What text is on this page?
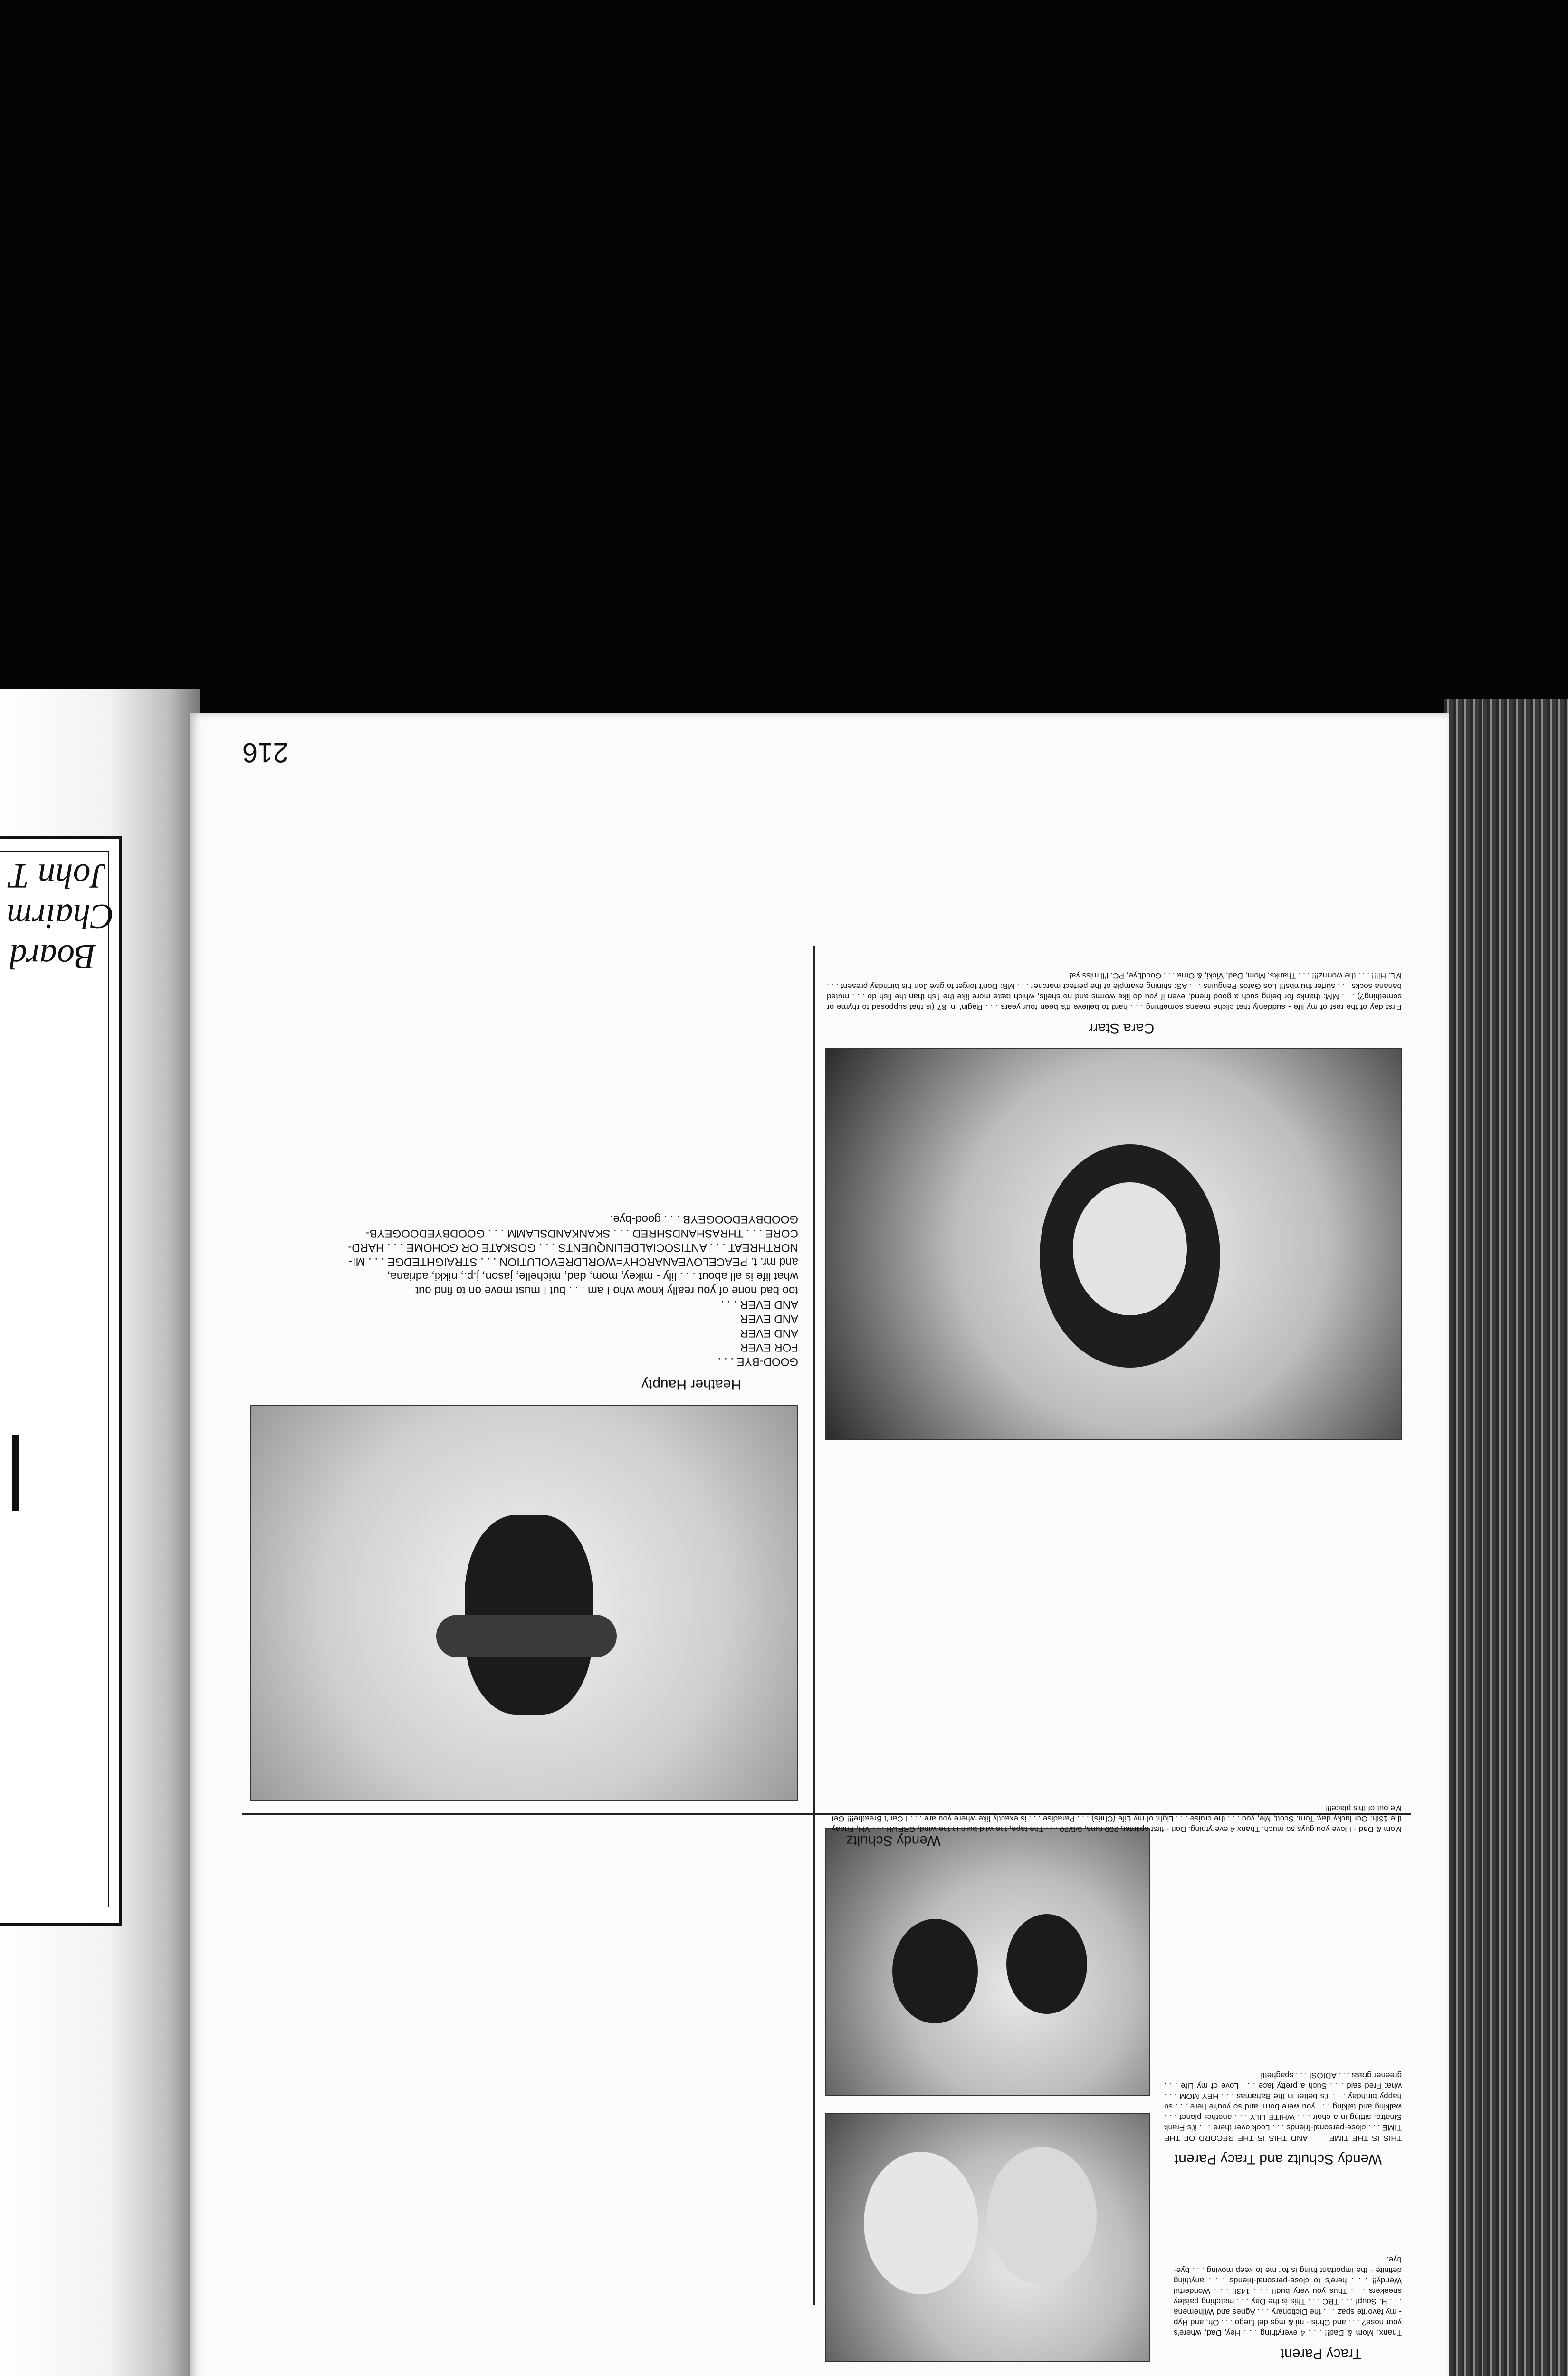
John T
Chairm
Board
Tracy Parent
Thanx, Mom & Dad!! . . . 4 everything . . . Hey, Dad, where's your nose? . . . and Chris - mi & mgs del fuego . . . Oh, and Hyp - my favorite spaz . . . the Dictionary . . . Agnes and Wilhemena . . . H. Soup! . . . TBC . . . This is the Day . . . matching paisley sneakers . . . Thus you very bud!! . . . 143!! . . . Wonderful Wendy!! . . . here's to close-personal-friends . . . anything definite - the important thing is for me to keep moving . . . bye-bye.
Wendy Schultz and Tracy Parent
THIS IS THE TIME . . . AND THIS IS THE RECORD OF THE TIME . . . close-personal-friends . . . Look over there . . . it's Frank Sinatra, sitting in a chair . . . WHITE LILY . . . another planet . . . walking and talking . . . you were born, and so you're here . . . so happy birthday . . . it's better in the Bahamas . . . HEY MOM . . . what Fred said . . . Such a pretty face . . . Love of my Life . . . greener grass . . . ADIOS! . . . spaghetti
Mom & Dad - I love you guys so much. Thanx 4 everything. Dori - first splinter, 200 runs, 5/5/20 . . . The tape, the wild burn in the wind, CRRUH . . . VH, Friday the 13th. Our lucky day. Tom: Scott, Me; you . . . the cruise . . . Light of my Life (Chris) . . . Paradise . . . is exactly like where you are . . . I Can't Breathe!!! Get Me out of this place!!!
Wendy Schultz
Heather Haupty
GOOD-BYE . . .
FOR EVER
AND EVER
AND EVER
AND EVER . . .
too bad none of you really know who I am . . . but I must move on to find out
what life is all about . . . lily - mikey, mom, dad, michelle, jason, j.p., nikki, adriana,
and mr. t. PEACELOVEANARCHY=WORLDREVOLUTION . . . STRAIGHTEDGE . . . MI-
NORTHREAT . . . ANTISOCIALDELINQUENTS . . . GOSKATE OR GOHOME . . . HARD-
CORE . . . THRASHANDSHRED . . . SKANKANDSLAMM . . . GOODBYEDOOGEYB-
GOODBYEDOOGEYB . . . good-bye.
Cara Starr
First day of the rest of my life - suddenly that cliche means something . . . hard to believe it's been four years . . . Ragin' in '87 (is that supposed to rhyme or something?) . . . MM: thanks for being such a good friend, even if you do like worms and no shells, which taste more like the fish than the fish do . . . muted banana socks . . . surfer thumbs!!! Los Gatos Penguins . . . AS: shining example of the perfect marcher . . . MB: Don't forget to give Jon his birthday present . . . ML: Hi!!! . . . the wormz!!! . . . Thanks, Mom, Dad, Vicki, & Oma . . . Goodbye, PC. I'll miss ya!
216
